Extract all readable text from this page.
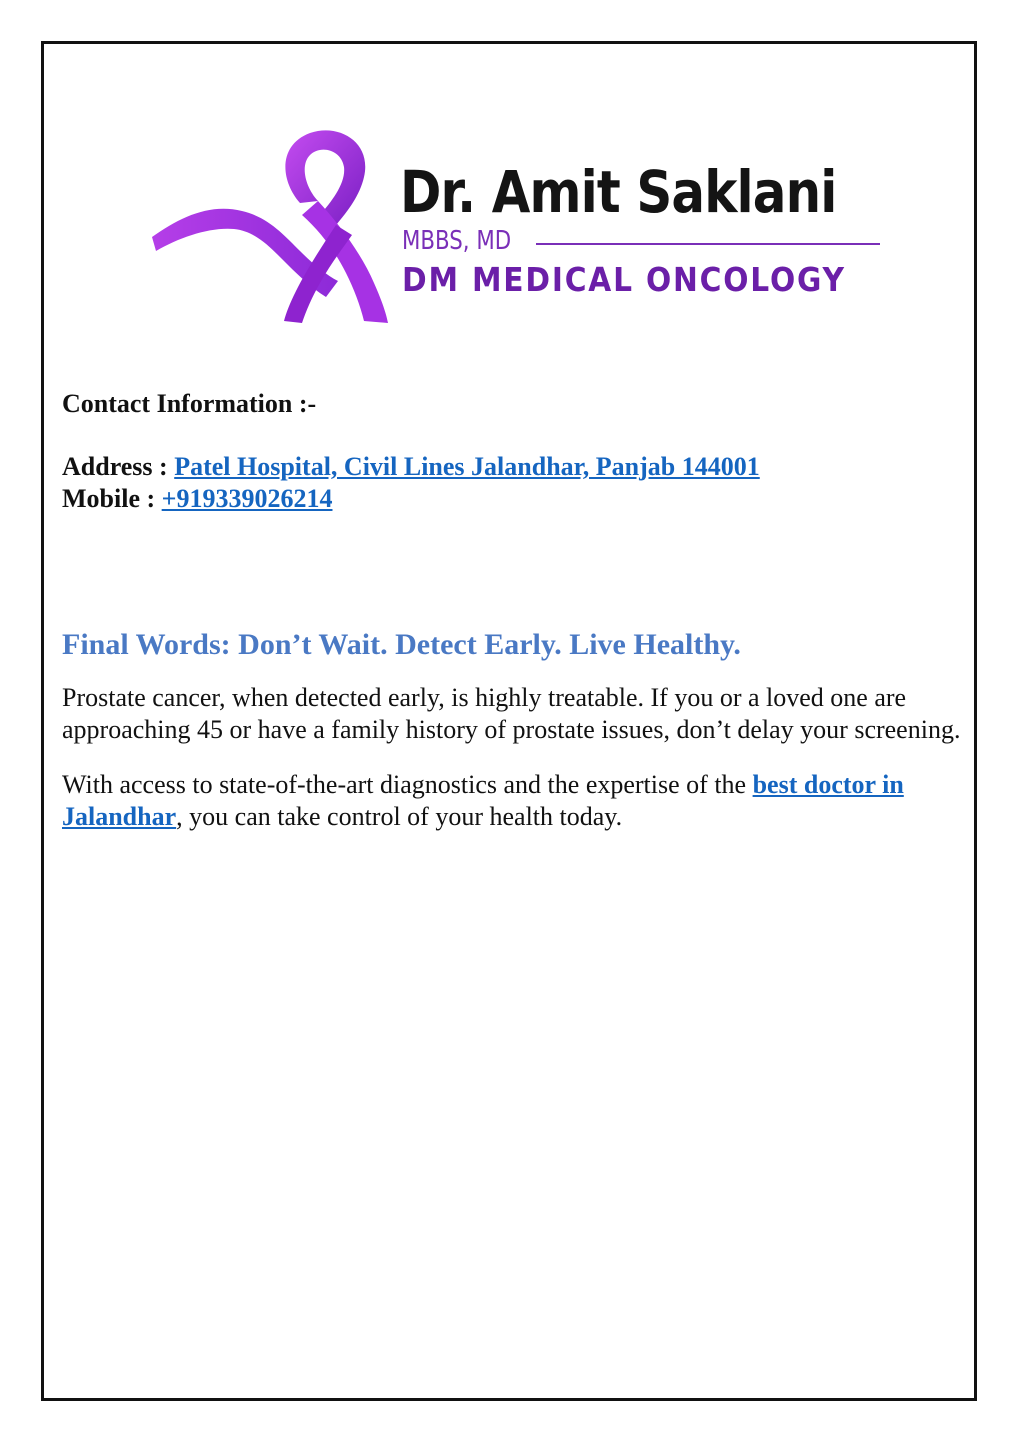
Dr. Amit Saklani
MBBS, MD
DM MEDICAL ONCOLOGY

Contact Information :-

Address : Patel Hospital, Civil Lines Jalandhar, Panjab 144001

Mobile : +919339026214

Final Words: Don’t Wait. Detect Early. Live Healthy.

Prostate cancer, when detected early, is highly treatable. If you or a loved one are approaching 45 or have a family history of prostate issues, don’t delay your screening.

With access to state-of-the-art diagnostics and the expertise of the best doctor in Jalandhar, you can take control of your health today.
